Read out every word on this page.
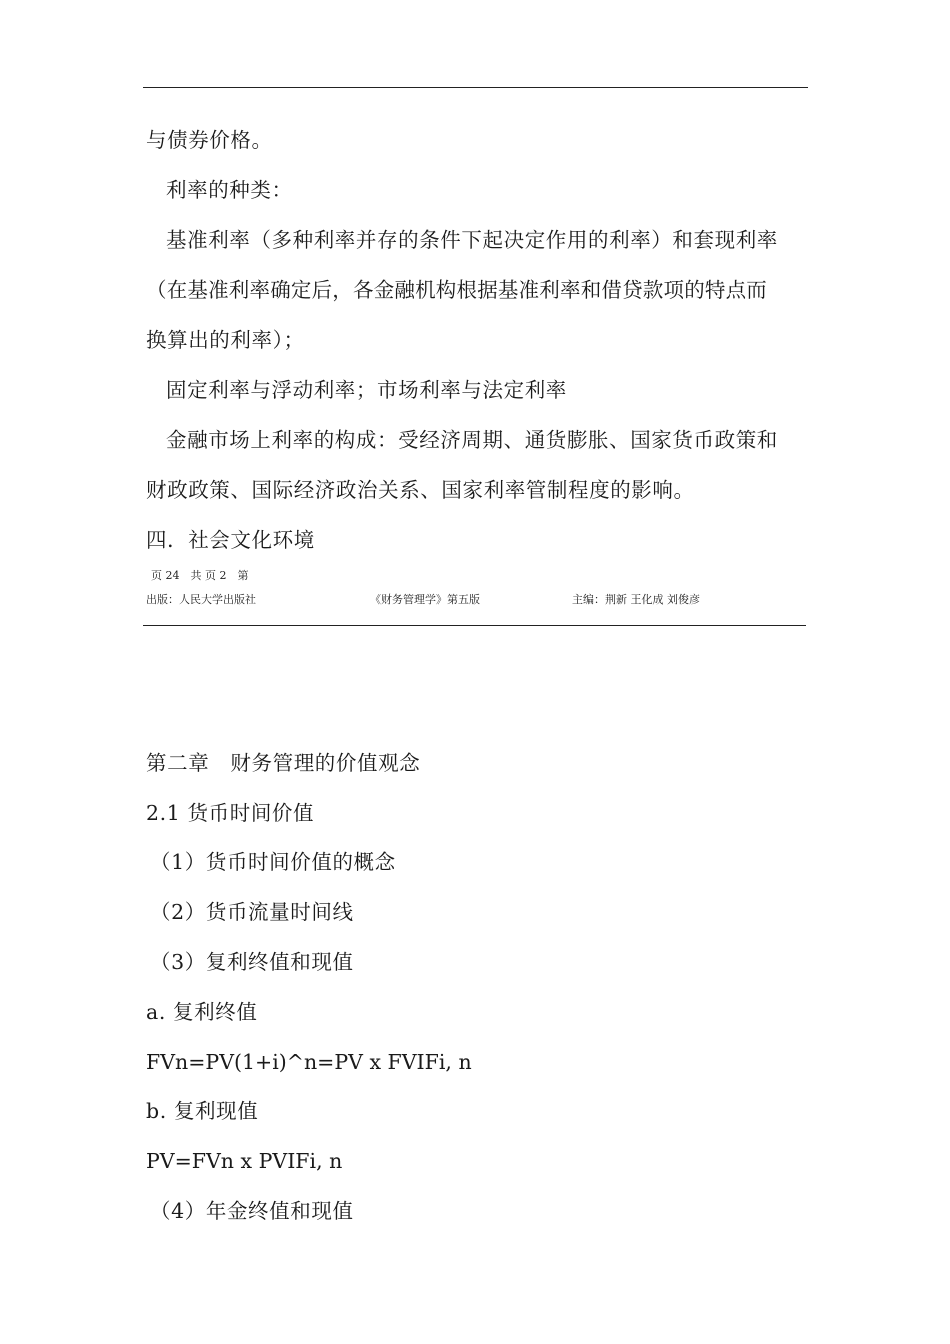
与债券价格。
利率的种类：
基准利率（多种利率并存的条件下起决定作用的利率）和套现利率
（在基准利率确定后，各金融机构根据基准利率和借贷款项的特点而
换算出的利率）；
固定利率与浮动利率；市场利率与法定利率
金融市场上利率的构成：受经济周期、通货膨胀、国家货币政策和
财政政策、国际经济政治关系、国家利率管制程度的影响。
四．社会文化环境
页 24　共 页 2　第
出版：人民大学出版社	《财务管理学》第五版	主编：荆新 王化成 刘俊彦
第二章　财务管理的价值观念
2.1 货币时间价值
（1）货币时间价值的概念
（2）货币流量时间线
（3）复利终值和现值
a. 复利终值
FVn=PV(1+i)^n=PV x FVIFi, n
b. 复利现值
PV=FVn x PVIFi, n
（4）年金终值和现值
